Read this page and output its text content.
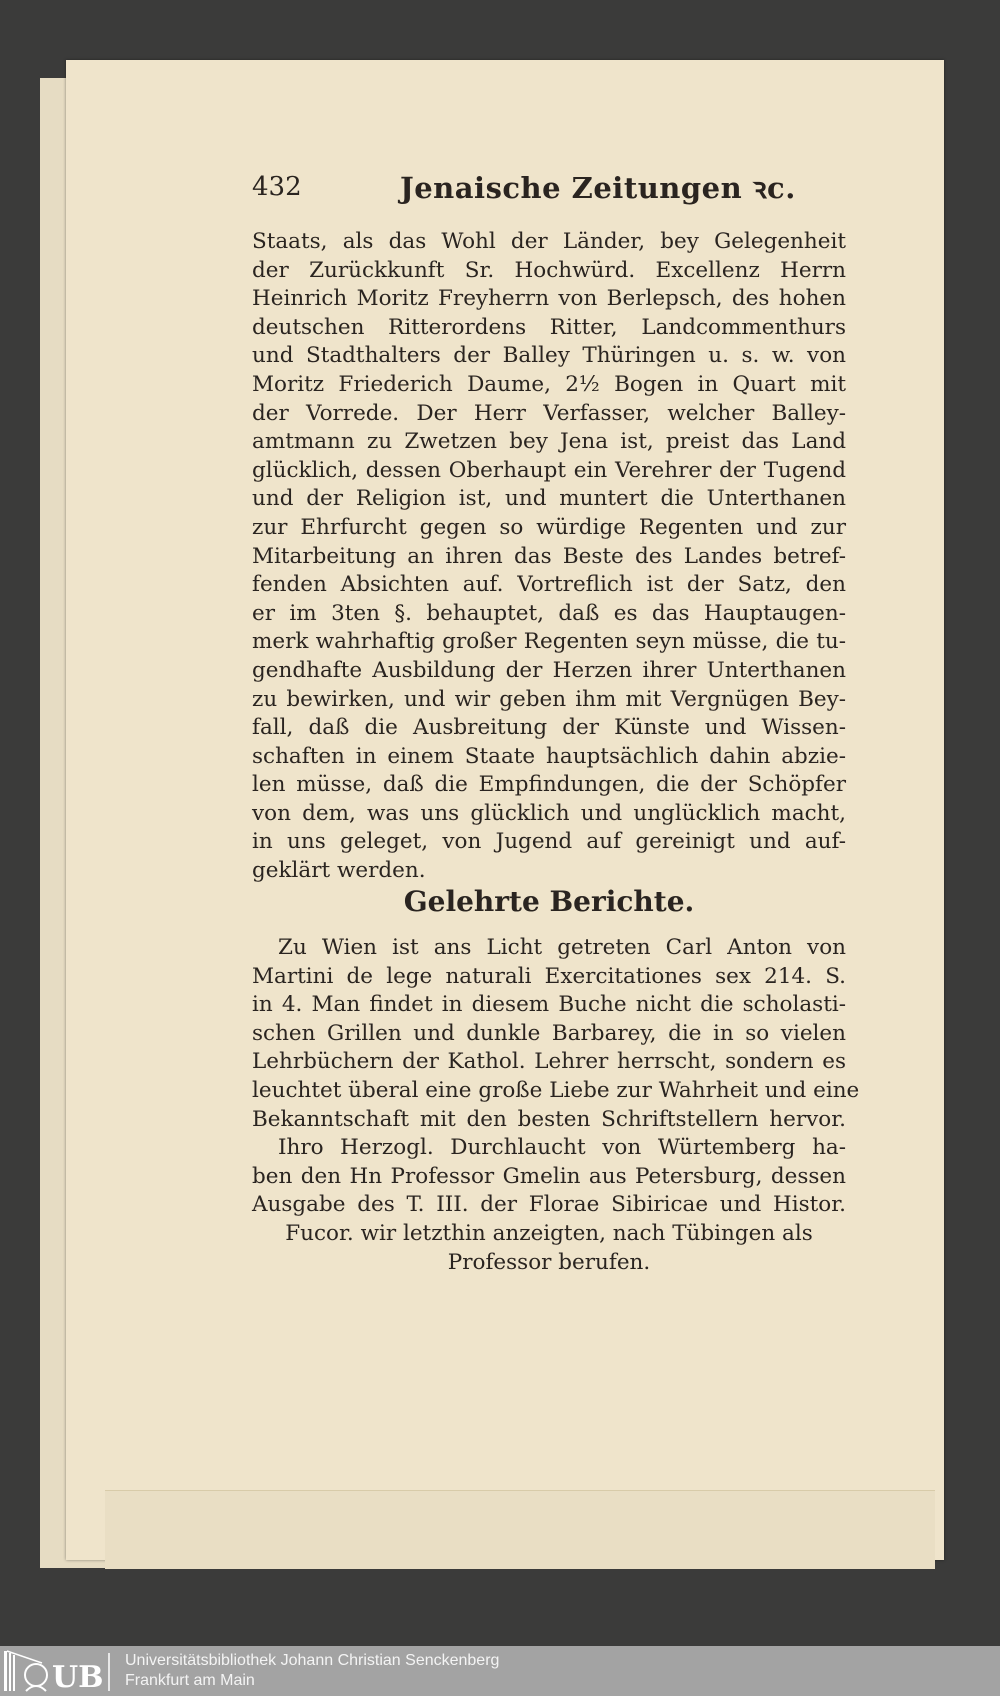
432	Jenaische Zeitungen ꝛc.
Staats, als das Wohl der Länder, bey Gelegenheit
der Zurückkunft Sr. Hochwürd. Excellenz Herrn
Heinrich Moritz Freyherrn von Berlepsch, des hohen
deutschen Ritterordens Ritter, Landcommenthurs
und Stadthalters der Balley Thüringen u. s. w. von
Moritz Friederich Daume, 2½ Bogen in Quart mit
der Vorrede. Der Herr Verfasser, welcher Balley-
amtmann zu Zwetzen bey Jena ist, preist das Land
glücklich, dessen Oberhaupt ein Verehrer der Tugend
und der Religion ist, und muntert die Unterthanen
zur Ehrfurcht gegen so würdige Regenten und zur
Mitarbeitung an ihren das Beste des Landes betref-
fenden Absichten auf. Vortreflich ist der Satz, den
er im 3ten §. behauptet, daß es das Hauptaugen-
merk wahrhaftig großer Regenten seyn müsse, die tu-
gendhafte Ausbildung der Herzen ihrer Unterthanen
zu bewirken, und wir geben ihm mit Vergnügen Bey-
fall, daß die Ausbreitung der Künste und Wissen-
schaften in einem Staate hauptsächlich dahin abzie-
len müsse, daß die Empfindungen, die der Schöpfer
von dem, was uns glücklich und unglücklich macht,
in uns geleget, von Jugend auf gereinigt und auf-
geklärt werden.
Gelehrte Berichte.
Zu Wien ist ans Licht getreten Carl Anton von
Martini de lege naturali Exercitationes sex 214. S.
in 4. Man findet in diesem Buche nicht die scholasti-
schen Grillen und dunkle Barbarey, die in so vielen
Lehrbüchern der Kathol. Lehrer herrscht, sondern es
leuchtet überal eine große Liebe zur Wahrheit und eine
Bekanntschaft mit den besten Schriftstellern hervor.
Ihro Herzogl. Durchlaucht von Würtemberg ha-
ben den Hn Professor Gmelin aus Petersburg, dessen
Ausgabe des T. III. der Florae Sibiricae und Histor.
Fucor. wir letzthin anzeigten, nach Tübingen als
Professor berufen.
UB Universitätsbibliothek Johann Christian Senckenberg
Frankfurt am Main
